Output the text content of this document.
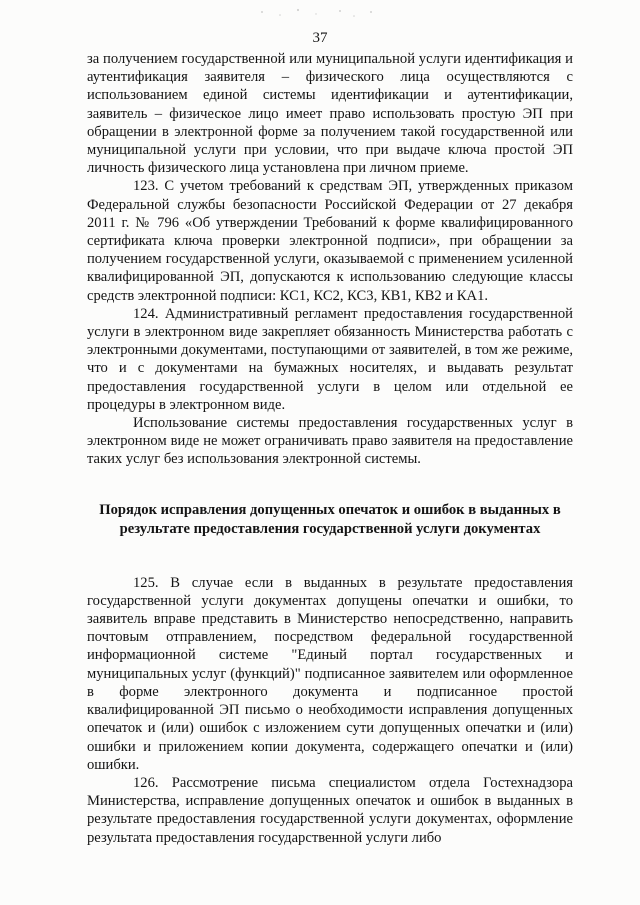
37

за получением государственной или муниципальной услуги идентификация и аутентификация заявителя – физического лица осуществляются с использованием единой системы идентификации и аутентификации, заявитель – физическое лицо имеет право использовать простую ЭП при обращении в электронной форме за получением такой государственной или муниципальной услуги при условии, что при выдаче ключа простой ЭП личность физического лица установлена при личном приеме.

123. С учетом требований к средствам ЭП, утвержденных приказом Федеральной службы безопасности Российской Федерации от 27 декабря 2011 г. № 796 «Об утверждении Требований к форме квалифицированного сертификата ключа проверки электронной подписи», при обращении за получением государственной услуги, оказываемой с применением усиленной квалифицированной ЭП, допускаются к использованию следующие классы средств электронной подписи: КС1, КС2, КС3, КВ1, КВ2 и КА1.

124. Административный регламент предоставления государственной услуги в электронном виде закрепляет обязанность Министерства работать с электронными документами, поступающими от заявителей, в том же режиме, что и с документами на бумажных носителях, и выдавать результат предоставления государственной услуги в целом или отдельной ее процедуры в электронном виде.

Использование системы предоставления государственных услуг в электронном виде не может ограничивать право заявителя на предоставление таких услуг без использования электронной системы.

Порядок исправления допущенных опечаток и ошибок в выданных в результате предоставления государственной услуги документах

125. В случае если в выданных в результате предоставления государственной услуги документах допущены опечатки и ошибки, то заявитель вправе представить в Министерство непосредственно, направить почтовым отправлением, посредством федеральной государственной информационной системе "Единый портал государственных и муниципальных услуг (функций)" подписанное заявителем или оформленное в форме электронного документа и подписанное простой квалифицированной ЭП письмо о необходимости исправления допущенных опечаток и (или) ошибок с изложением сути допущенных опечатки и (или) ошибки и приложением копии документа, содержащего опечатки и (или) ошибки.

126. Рассмотрение письма специалистом отдела Гостехнадзора Министерства, исправление допущенных опечаток и ошибок в выданных в результате предоставления государственной услуги документах, оформление результата предоставления государственной услуги либо
